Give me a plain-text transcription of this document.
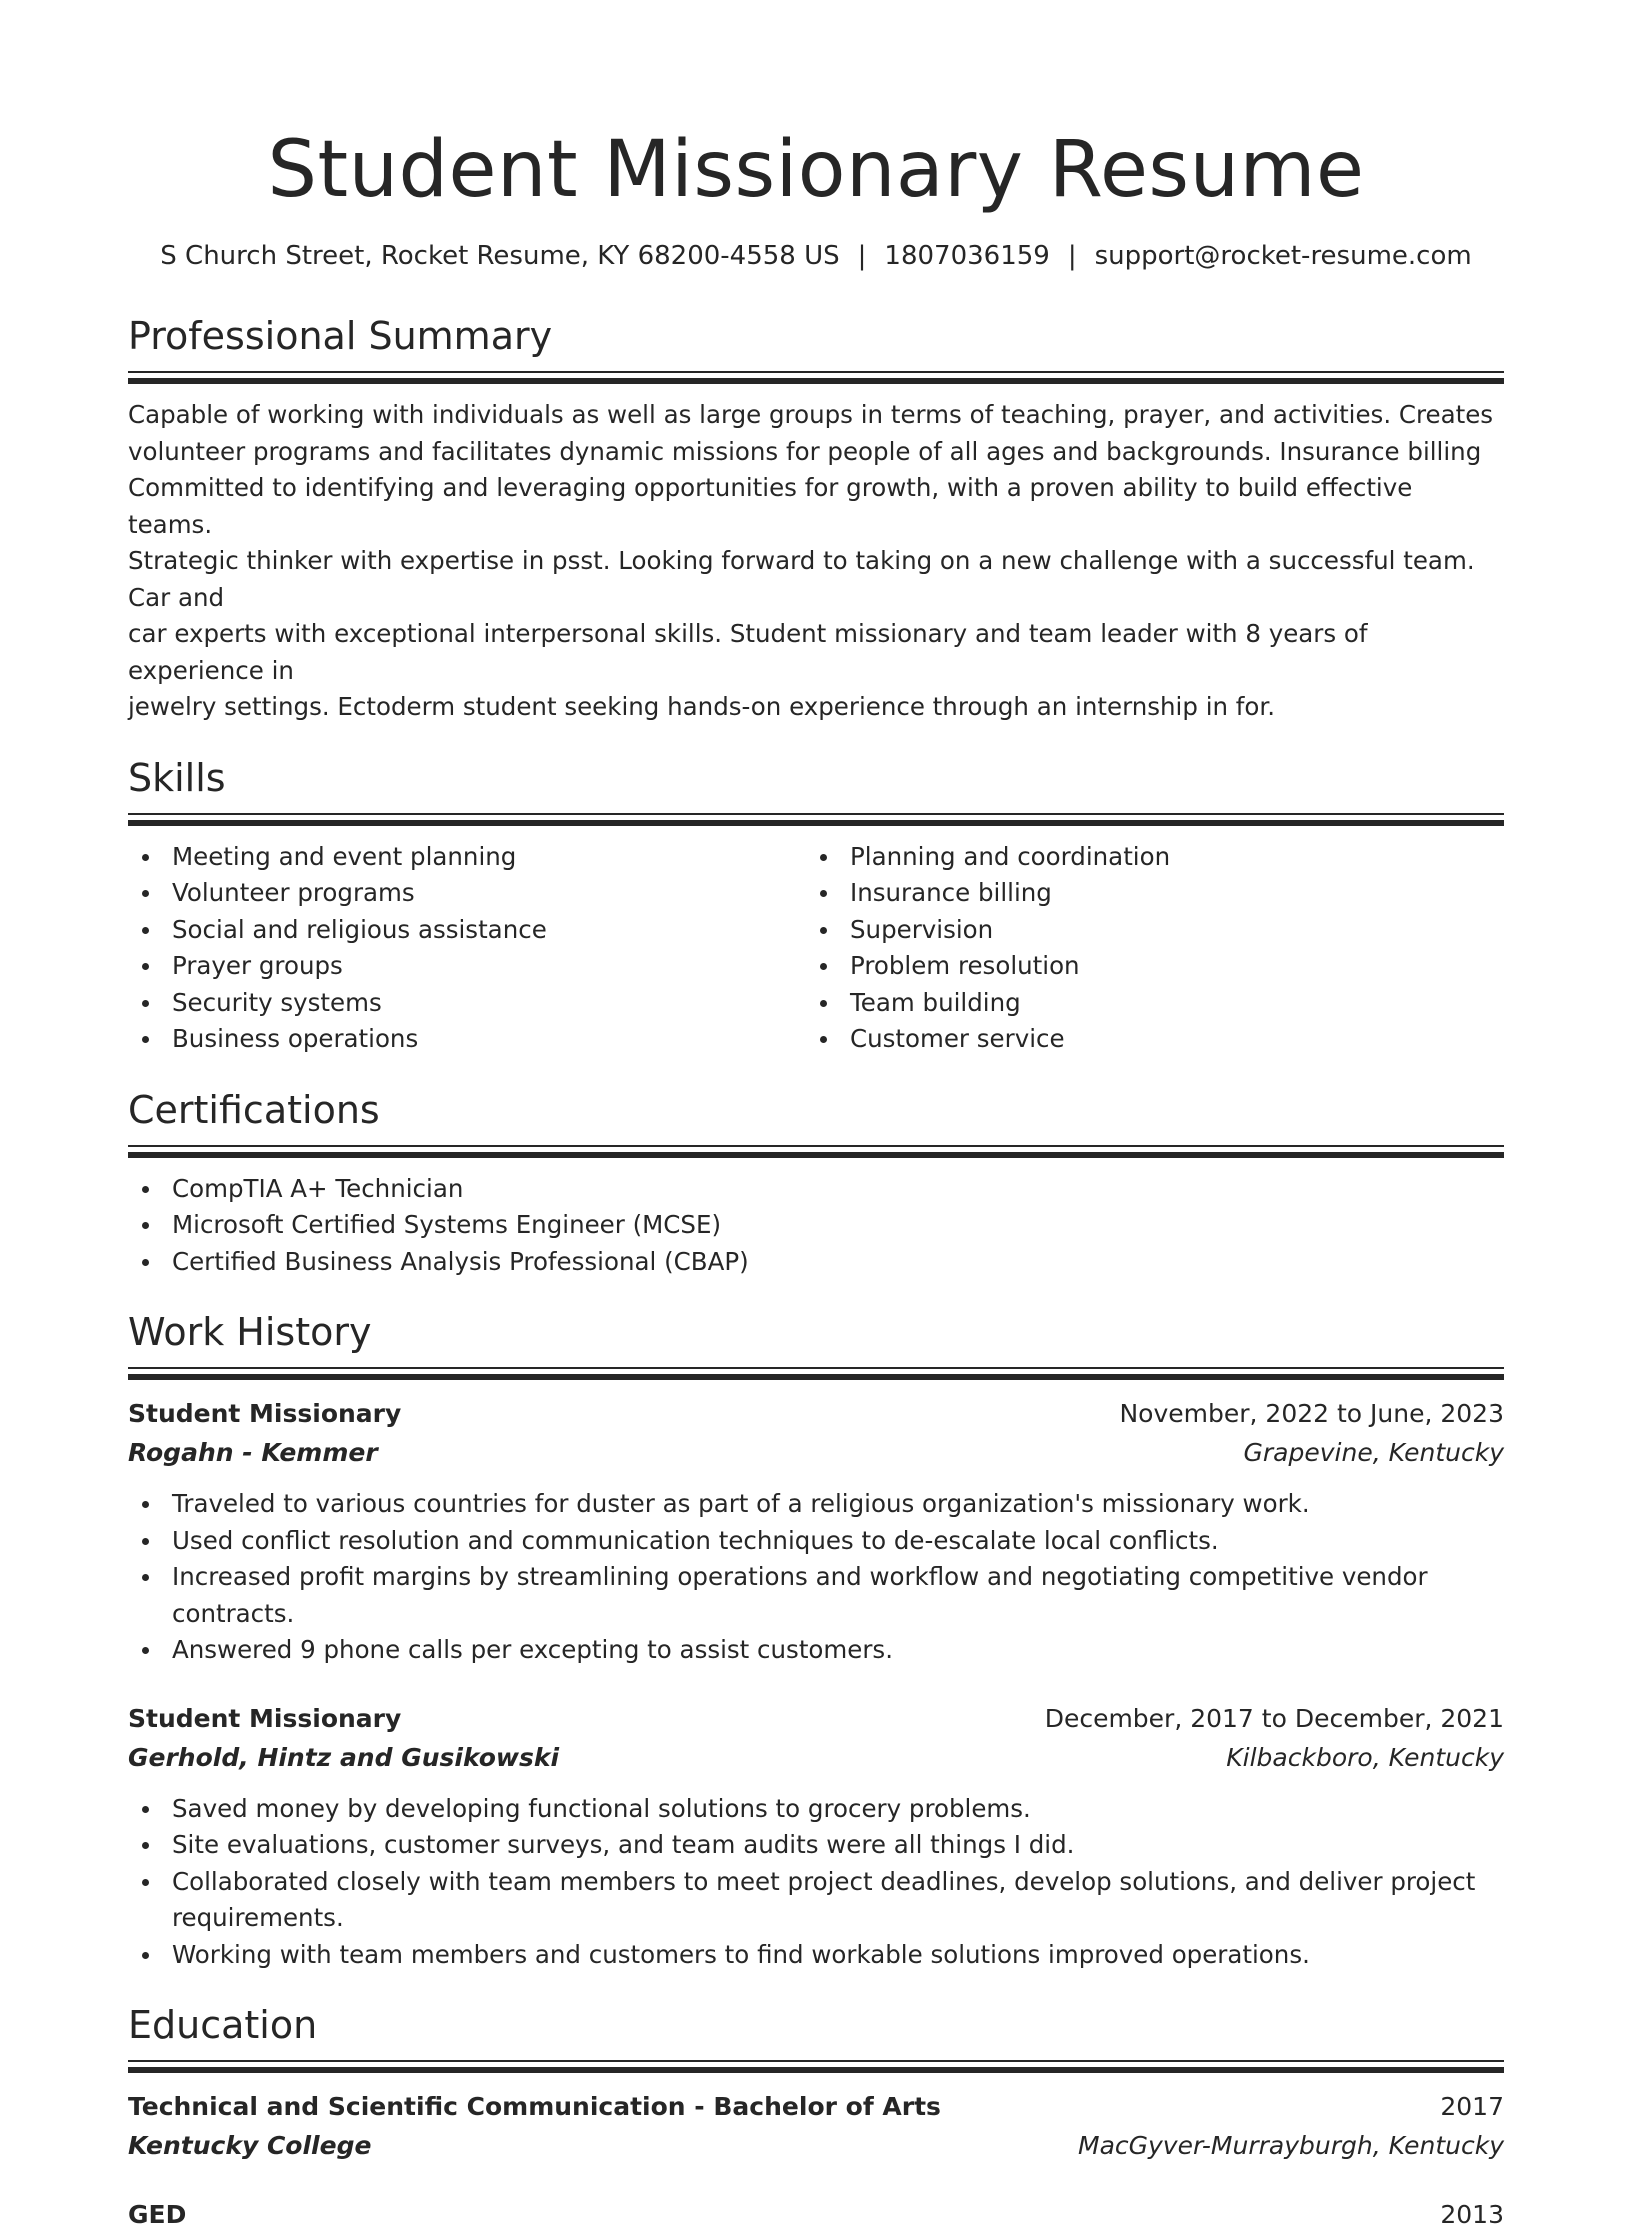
Student Missionary Resume
S Church Street, Rocket Resume, KY 68200-4558 US | 1807036159 | support@rocket-resume.com
Professional Summary
Capable of working with individuals as well as large groups in terms of teaching, prayer, and activities. Creates
volunteer programs and facilitates dynamic missions for people of all ages and backgrounds. Insurance billing
Committed to identifying and leveraging opportunities for growth, with a proven ability to build effective teams.
Strategic thinker with expertise in psst. Looking forward to taking on a new challenge with a successful team. Car and
car experts with exceptional interpersonal skills. Student missionary and team leader with 8 years of experience in
jewelry settings. Ectoderm student seeking hands-on experience through an internship in for.
Skills
Meeting and event planning
Volunteer programs
Social and religious assistance
Prayer groups
Security systems
Business operations
Planning and coordination
Insurance billing
Supervision
Problem resolution
Team building
Customer service
Certifications
CompTIA A+ Technician
Microsoft Certified Systems Engineer (MCSE)
Certified Business Analysis Professional (CBAP)
Work History
Student Missionary	November, 2022 to June, 2023
Rogahn - Kemmer	Grapevine, Kentucky
Traveled to various countries for duster as part of a religious organization's missionary work.
Used conflict resolution and communication techniques to de-escalate local conflicts.
Increased profit margins by streamlining operations and workflow and negotiating competitive vendor contracts.
Answered 9 phone calls per excepting to assist customers.
Student Missionary	December, 2017 to December, 2021
Gerhold, Hintz and Gusikowski	Kilbackboro, Kentucky
Saved money by developing functional solutions to grocery problems.
Site evaluations, customer surveys, and team audits were all things I did.
Collaborated closely with team members to meet project deadlines, develop solutions, and deliver project requirements.
Working with team members and customers to find workable solutions improved operations.
Education
Technical and Scientific Communication - Bachelor of Arts	2017
Kentucky College	MacGyver-Murrayburgh, Kentucky
GED	2013
